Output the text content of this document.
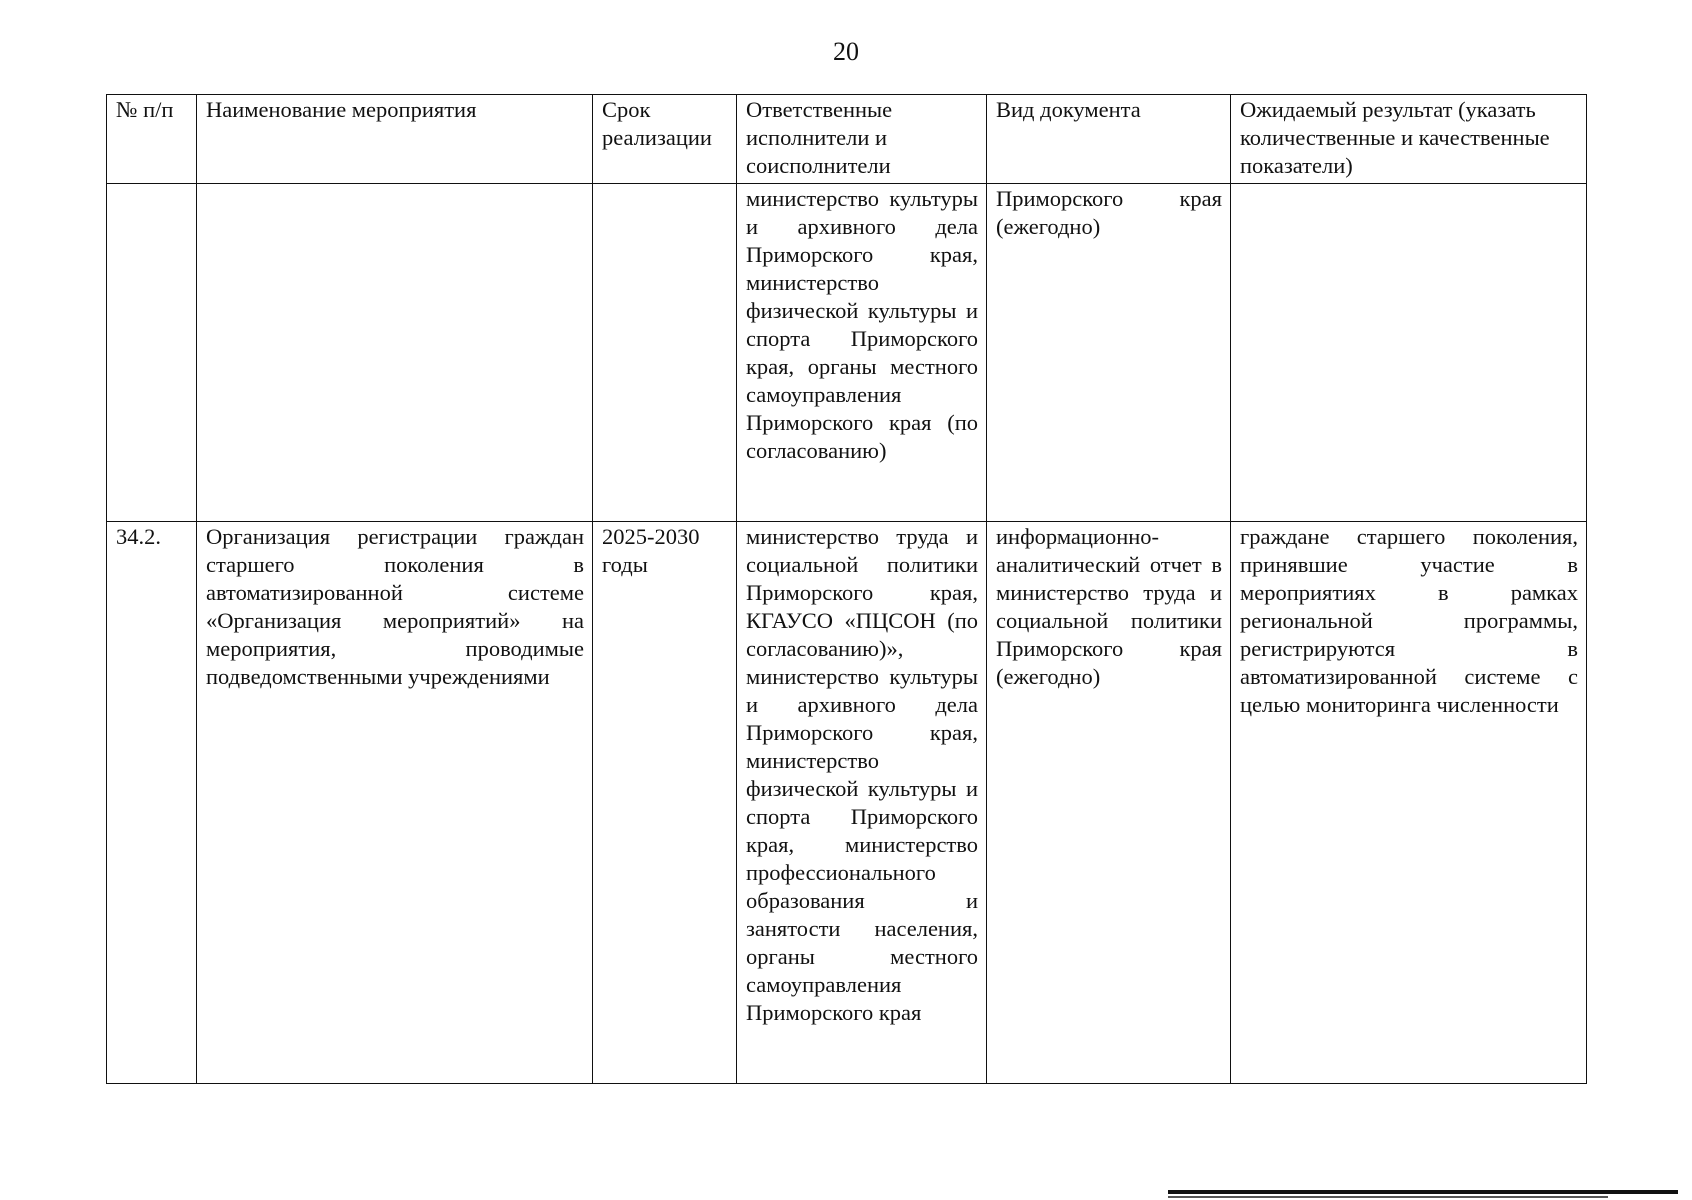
20
№ п/п	Наименование мероприятия	Срок реализации	Ответственные исполнители и соисполнители	Вид документа	Ожидаемый результат (указать количественные и качественные показатели)
			министерство культуры и архивного дела Приморского края, министерство физической культуры и спорта Приморского края, органы местного самоуправления Приморского края (по согласованию)	Приморского края (ежегодно)	
34.2.	Организация регистрации граждан старшего поколения в автоматизированной системе «Организация мероприятий» на мероприятия, проводимые подведомственными учреждениями	2025-2030 годы	министерство труда и социальной политики Приморского края, КГАУСО «ПЦСОН (по согласованию)», министерство культуры и архивного дела Приморского края, министерство физической культуры и спорта Приморского края, министерство профессионального образования и занятости населения, органы местного самоуправления Приморского края	информационно-аналитический отчет в министерство труда и социальной политики Приморского края (ежегодно)	граждане старшего поколения, принявшие участие в мероприятиях в рамках региональной программы, регистрируются в автоматизированной системе с целью мониторинга численности
